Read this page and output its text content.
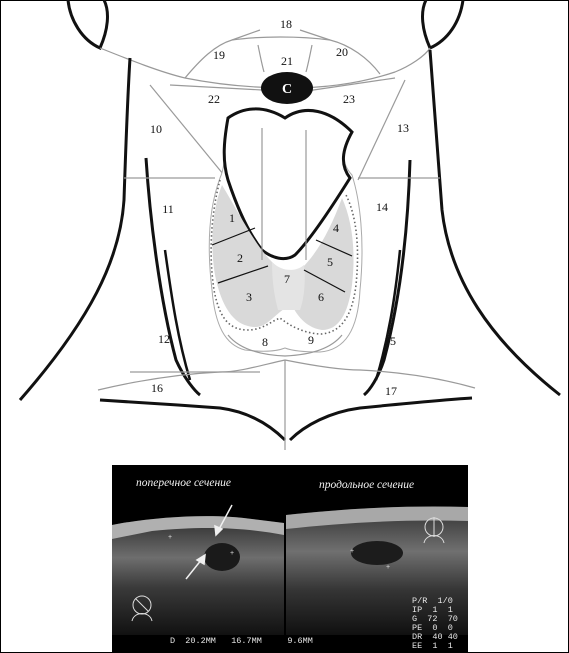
С
18
19	20
21
22	23
10	13
11	14
1
2
3
4
5
6
7
8	9
12	15
16	17
+
+	+
+
поперечное сечение	продольное сечение
D  20.2MM   16.7MM     9.6MM
P/R  1/0
IP  1  1
G  72  70
PE  0  0
DR  40 40
EE  1  1
